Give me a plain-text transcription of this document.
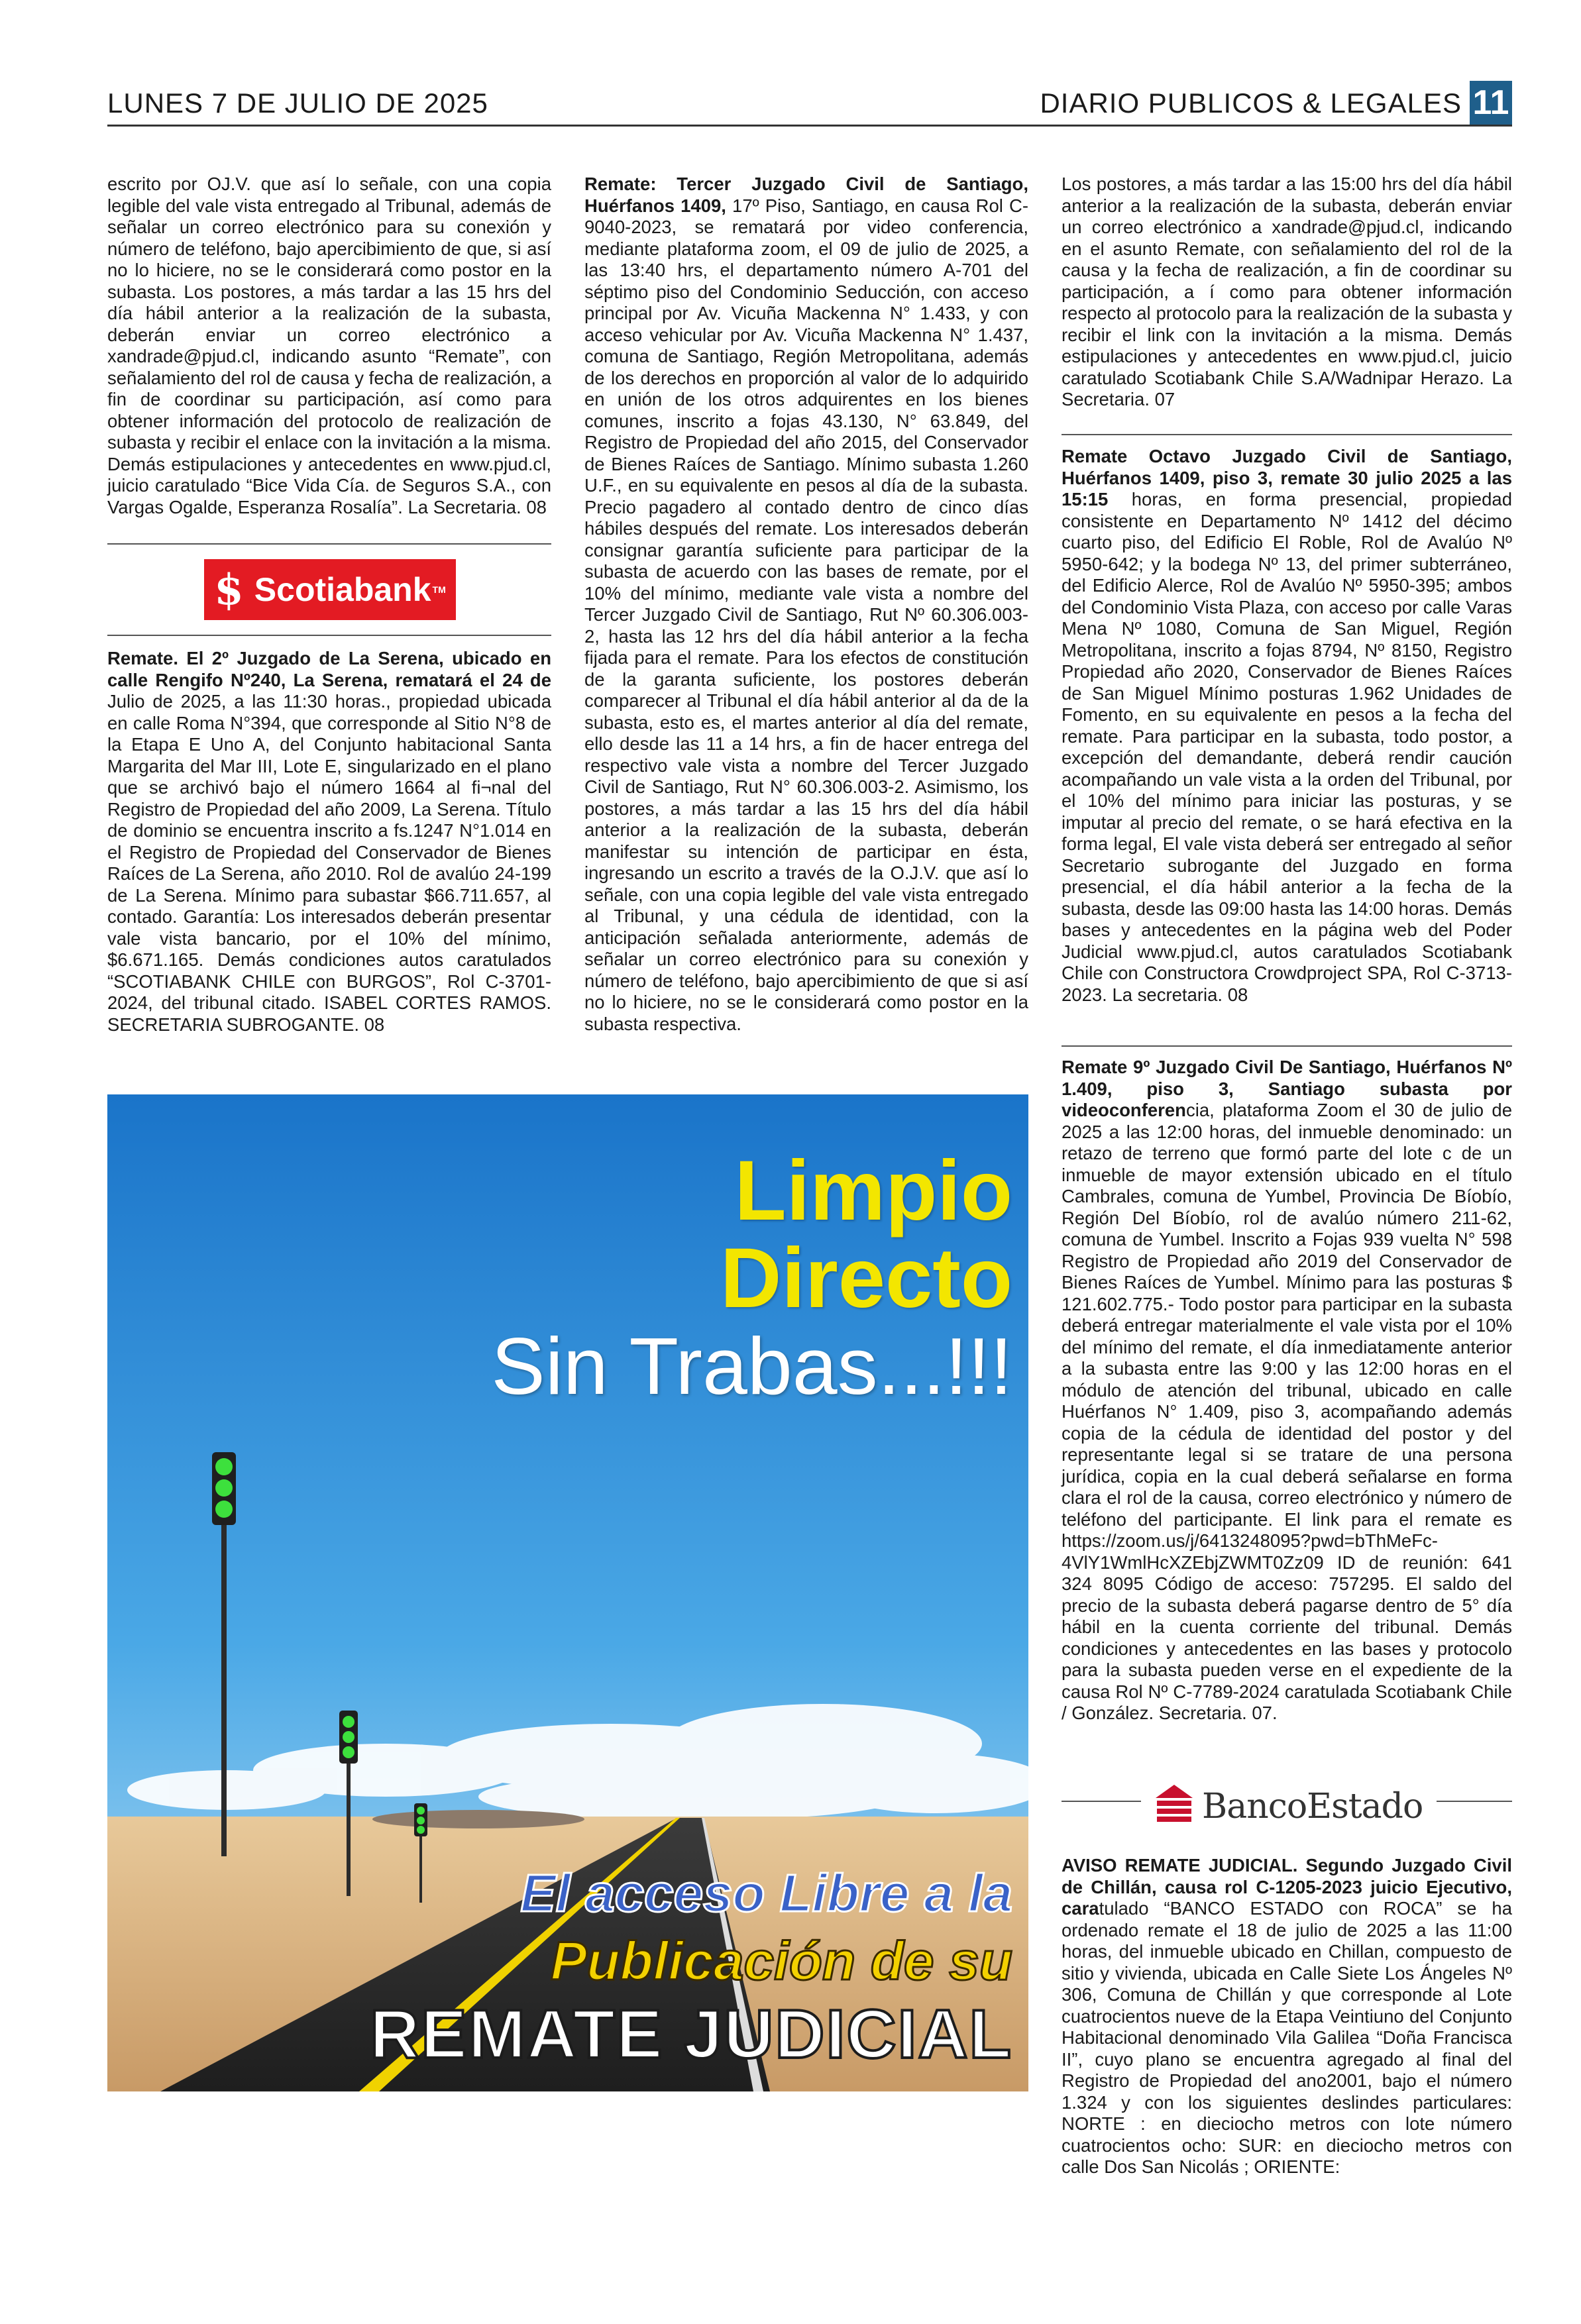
LUNES 7 DE JULIO DE 2025	DIARIO PUBLICOS & LEGALES 11

escrito por OJ.V. que así lo señale, con una copia legible del vale vista entregado al Tribunal, además de señalar un correo electrónico para su conexión y número de teléfono, bajo apercibimiento de que, si así no lo hiciere, no se le considerará como postor en la subasta. Los postores, a más tardar a las 15 hrs del día hábil anterior a la realización de la subasta, deberán enviar un correo electrónico a xandrade@pjud.cl, indicando asunto “Remate”, con señalamiento del rol de causa y fecha de realización, a fin de coordinar su participación, así como para obtener información del protocolo de realización de subasta y recibir el enlace con la invitación a la misma. Demás estipulaciones y antecedentes en www.pjud.cl, juicio caratulado “Bice Vida Cía. de Seguros S.A., con Vargas Ogalde, Esperanza Rosalía”. La Secretaria. 08

$ Scotiabank TM

Remate. El 2º Juzgado de La Serena, ubicado en calle Rengifo Nº240, La Serena, rematará el 24 de Julio de 2025, a las 11:30 horas., propiedad ubicada en calle Roma N°394, que corresponde al Sitio N°8 de la Etapa E Uno A, del Conjunto habitacional Santa Margarita del Mar III, Lote E, singularizado en el plano que se archivó bajo el número 1664 al fi¬nal del Registro de Propiedad del año 2009, La Serena. Título de dominio se encuentra inscrito a fs.1247 N°1.014 en el Registro de Propiedad del Conservador de Bienes Raíces de La Serena, año 2010. Rol de avalúo 24-199 de La Serena. Mínimo para subastar $66.711.657, al contado. Garantía: Los interesados deberán presentar vale vista bancario, por el 10% del mínimo, $6.671.165. Demás condiciones autos caratulados “SCOTIABANK CHILE con BURGOS”, Rol C-3701-2024, del tribunal citado. ISABEL CORTES RAMOS. SECRETARIA SUBROGANTE. 08

Remate: Tercer Juzgado Civil de Santiago, Huérfanos 1409, 17º Piso, Santiago, en causa Rol C-9040-2023, se rematará por video conferencia, mediante plataforma zoom, el 09 de julio de 2025, a las 13:40 hrs, el departamento número A-701 del séptimo piso del Condominio Seducción, con acceso principal por Av. Vicuña Mackenna N° 1.433, y con acceso vehicular por Av. Vicuña Mackenna N° 1.437, comuna de Santiago, Región Metropolitana, además de los derechos en proporción al valor de lo adquirido en unión de los otros adquirentes en los bienes comunes, inscrito a fojas 43.130, N° 63.849, del Registro de Propiedad del año 2015, del Conservador de Bienes Raíces de Santiago. Mínimo subasta 1.260 U.F., en su equivalente en pesos al día de la subasta. Precio pagadero al contado dentro de cinco días hábiles después del remate. Los interesados deberán consignar garantía suficiente para participar de la subasta de acuerdo con las bases de remate, por el 10% del mínimo, mediante vale vista a nombre del Tercer Juzgado Civil de Santiago, Rut Nº 60.306.003-2, hasta las 12 hrs del día hábil anterior a la fecha fijada para el remate. Para los efectos de constitución de la garanta suficiente, los postores deberán comparecer al Tribunal el día hábil anterior al da de la subasta, esto es, el martes anterior al día del remate, ello desde las 11 a 14 hrs, a fin de hacer entrega del respectivo vale vista a nombre del Tercer Juzgado Civil de Santiago, Rut N° 60.306.003-2. Asimismo, los postores, a más tardar a las 15 hrs del día hábil anterior a la realización de la subasta, deberán manifestar su intención de participar en ésta, ingresando un escrito a través de la O.J.V. que así lo señale, con una copia legible del vale vista entregado al Tribunal, y una cédula de identidad, con la anticipación señalada anteriormente, además de señalar un correo electrónico para su conexión y número de teléfono, bajo apercibimiento de que si así no lo hiciere, no se le considerará como postor en la subasta respectiva.

Los postores, a más tardar a las 15:00 hrs del día hábil anterior a la realización de la subasta, deberán enviar un correo electrónico a xandrade@pjud.cl, indicando en el asunto Remate, con señalamiento del rol de la causa y la fecha de realización, a fin de coordinar su participación, a í como para obtener información respecto al protocolo para la realización de la subasta y recibir el link con la invitación a la misma. Demás estipulaciones y antecedentes en www.pjud.cl, juicio caratulado Scotiabank Chile S.A/Wadnipar Herazo. La Secretaria. 07

Remate Octavo Juzgado Civil de Santiago, Huérfanos 1409, piso 3, remate 30 julio 2025 a las 15:15 horas, en forma presencial, propiedad consistente en Departamento Nº 1412 del décimo cuarto piso, del Edificio El Roble, Rol de Avalúo Nº 5950-642; y la bodega Nº 13, del primer subterráneo, del Edificio Alerce, Rol de Avalúo Nº 5950-395; ambos del Condominio Vista Plaza, con acceso por calle Varas Mena Nº 1080, Comuna de San Miguel, Región Metropolitana, inscrito a fojas 8794, Nº 8150, Registro Propiedad año 2020, Conservador de Bienes Raíces de San Miguel Mínimo posturas 1.962 Unidades de Fomento, en su equivalente en pesos a la fecha del remate. Para participar en la subasta, todo postor, a excepción del demandante, deberá rendir caución acompañando un vale vista a la orden del Tribunal, por el 10% del mínimo para iniciar las posturas, y se imputar al precio del remate, o se hará efectiva en la forma legal, El vale vista deberá ser entregado al señor Secretario subrogante del Juzgado en forma presencial, el día hábil anterior a la fecha de la subasta, desde las 09:00 hasta las 14:00 horas. Demás bases y antecedentes en la página web del Poder Judicial www.pjud.cl, autos caratulados Scotiabank Chile con Constructora Crowdproject SPA, Rol C-3713-2023. La secretaria. 08

Remate 9º Juzgado Civil De Santiago, Huérfanos Nº 1.409, piso 3, Santiago subasta por videoconferencia, plataforma Zoom el 30 de julio de 2025 a las 12:00 horas, del inmueble denominado: un retazo de terreno que formó parte del lote c de un inmueble de mayor extensión ubicado en el título Cambrales, comuna de Yumbel, Provincia De Bíobío, Región Del Bíobío, rol de avalúo número 211-62, comuna de Yumbel. Inscrito a Fojas 939 vuelta N° 598 Registro de Propiedad año 2019 del Conservador de Bienes Raíces de Yumbel. Mínimo para las posturas $ 121.602.775.- Todo postor para participar en la subasta deberá entregar materialmente el vale vista por el 10% del mínimo del remate, el día inmediatamente anterior a la subasta entre las 9:00 y las 12:00 horas en el módulo de atención del tribunal, ubicado en calle Huérfanos N° 1.409, piso 3, acompañando además copia de la cédula de identidad del postor y del representante legal si se tratare de una persona jurídica, copia en la cual deberá señalarse en forma clara el rol de la causa, correo electrónico y número de teléfono del participante. El link para el remate es https://zoom.us/j/6413248095?pwd=bThMeFc-4VlY1WmlHcXZEbjZWMT0Zz09 ID de reunión: 641 324 8095 Código de acceso: 757295. El saldo del precio de la subasta deberá pagarse dentro de 5° día hábil en la cuenta corriente del tribunal. Demás condiciones y antecedentes en las bases y protocolo para la subasta pueden verse en el expediente de la causa Rol Nº C-7789-2024 caratulada Scotiabank Chile / González. Secretaria. 07.

BancoEstado

AVISO REMATE JUDICIAL. Segundo Juzgado Civil de Chillán, causa rol C-1205-2023 juicio Ejecutivo, caratulado “BANCO ESTADO con ROCA” se ha ordenado remate el 18 de julio de 2025 a las 11:00 horas, del inmueble ubicado en Chillan, compuesto de sitio y vivienda, ubicada en Calle Siete Los Ángeles Nº 306, Comuna de Chillán y que corresponde al Lote cuatrocientos nueve de la Etapa Veintiuno del Conjunto Habitacional denominado Vila Galilea “Doña Francisca II”, cuyo plano se encuentra agregado al final del Registro de Propiedad del ano2001, bajo el número 1.324 y con los siguientes deslindes particulares: NORTE : en dieciocho metros con lote número cuatrocientos ocho: SUR: en dieciocho metros con calle Dos San Nicolás ; ORIENTE:

Limpio
Directo
Sin Trabas...!!!
El acceso Libre a la
Publicación de su
REMATE JUDICIAL
